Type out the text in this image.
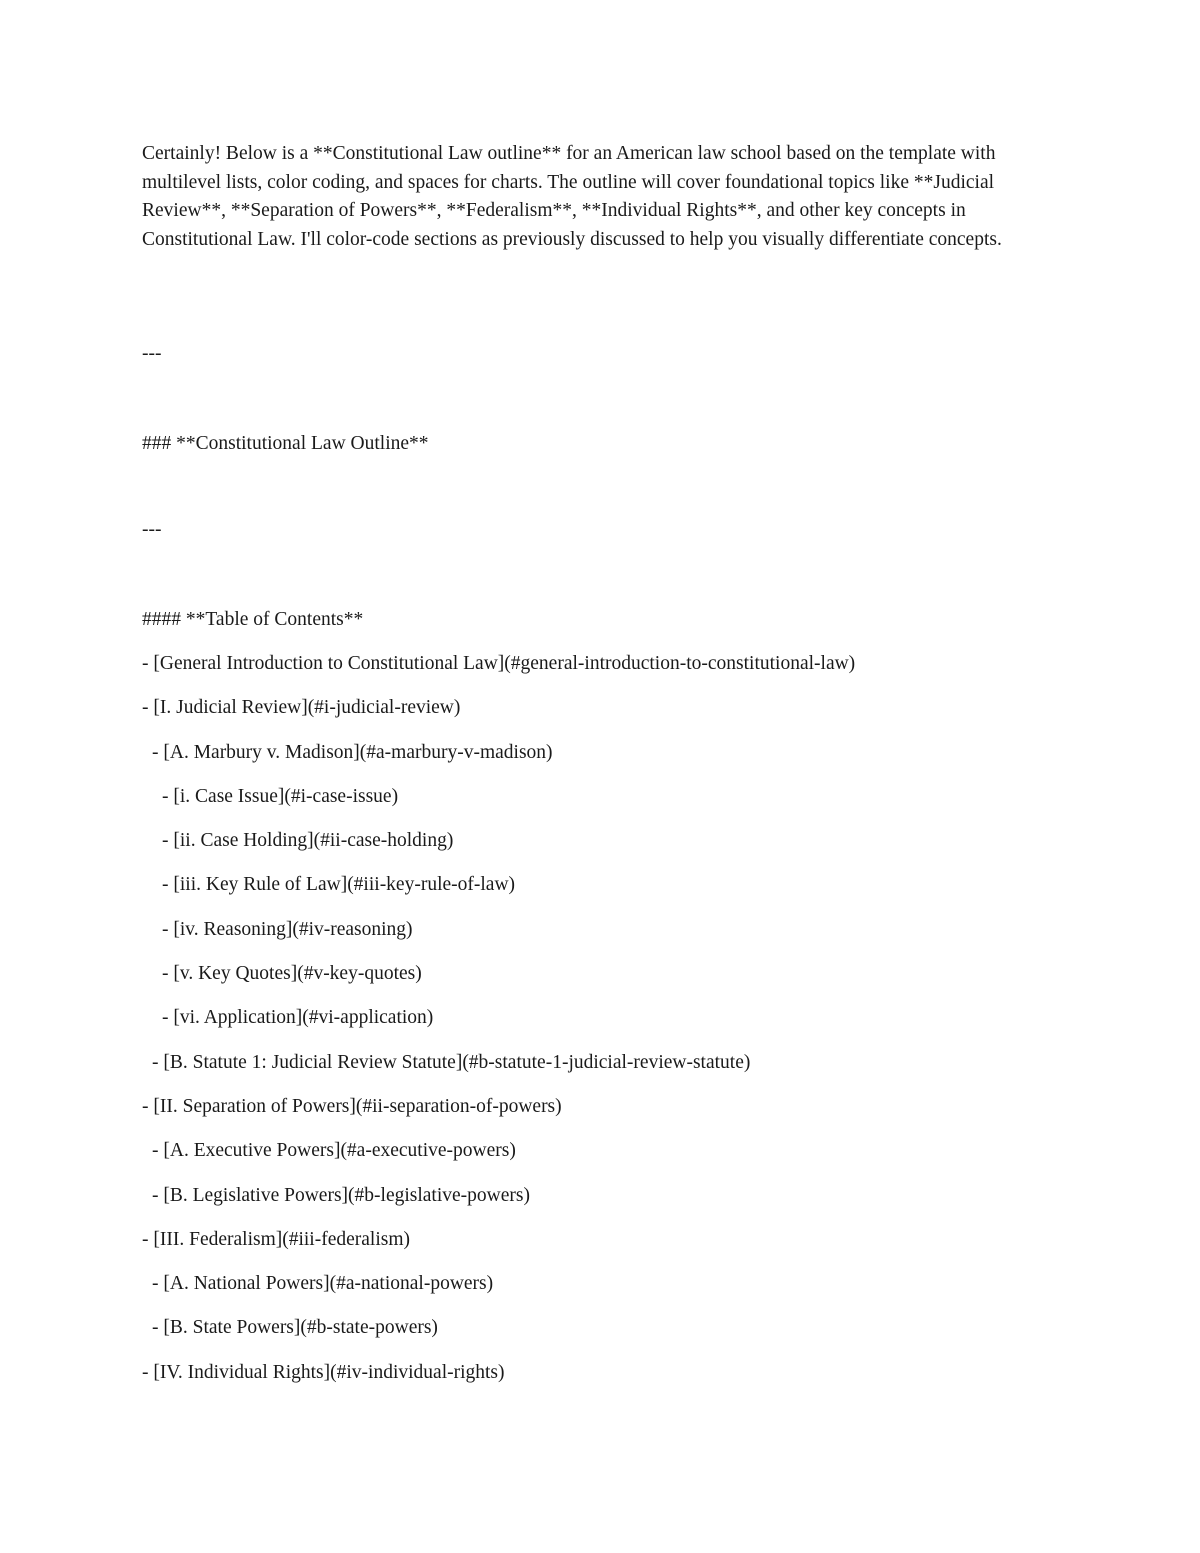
Certainly! Below is a **Constitutional Law outline** for an American law school based on the template with multilevel lists, color coding, and spaces for charts. The outline will cover foundational topics like **Judicial Review**, **Separation of Powers**, **Federalism**, **Individual Rights**, and other key concepts in Constitutional Law. I'll color-code sections as previously discussed to help you visually differentiate concepts.

---

### **Constitutional Law Outline**

---

#### **Table of Contents**
- [General Introduction to Constitutional Law](#general-introduction-to-constitutional-law)
- [I. Judicial Review](#i-judicial-review)
- [A. Marbury v. Madison](#a-marbury-v-madison)
- [i. Case Issue](#i-case-issue)
- [ii. Case Holding](#ii-case-holding)
- [iii. Key Rule of Law](#iii-key-rule-of-law)
- [iv. Reasoning](#iv-reasoning)
- [v. Key Quotes](#v-key-quotes)
- [vi. Application](#vi-application)
- [B. Statute 1: Judicial Review Statute](#b-statute-1-judicial-review-statute)
- [II. Separation of Powers](#ii-separation-of-powers)
- [A. Executive Powers](#a-executive-powers)
- [B. Legislative Powers](#b-legislative-powers)
- [III. Federalism](#iii-federalism)
- [A. National Powers](#a-national-powers)
- [B. State Powers](#b-state-powers)
- [IV. Individual Rights](#iv-individual-rights)
